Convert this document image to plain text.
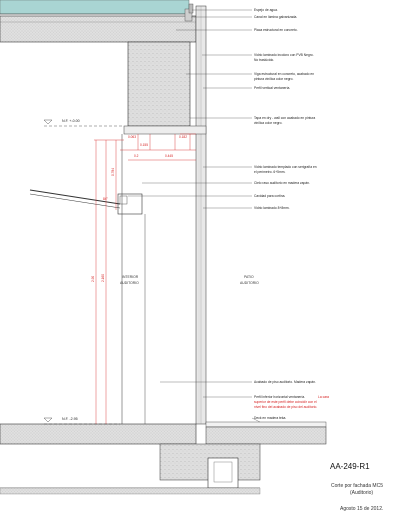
N.F. +-0.00
N.F. -2.95
0.063
0.155
0.182
0.2	0.445
0.784
2.90 2.160
84°
INTERIOR
AUDITORIO
PATIO
AUDITORIO
Espejo de agua.
Canal en lámina galvanizada.
Placa estructural en concreto.
Vidrio laminado incoloro con PVB Negro.
No traslúcido.
Viga estructural en concreto, acabado en
pintura vinílica color negro.
Perfil vertical ventanería.
Tapa en dry - wall con acabado en pintura
vinílica color negro.
Vidrio laminado templado con serigrafía en
el perímetro. 6+5mm.
Cielo raso auditorio en madera zapán.
Cavidad para cortina.
Vidrio laminado 8+8mm.
Acabado de piso auditorio. Madera zapán.
Perfil inferior horizontal ventanería.	La cara
superior de este perfil debe coincidir con el
nivel fino del acabado de piso del auditorio.
Deck en madera teka.
AA-249-R1
Corte por fachada MC5
(Auditorio)
Agosto 15 de 2012.
